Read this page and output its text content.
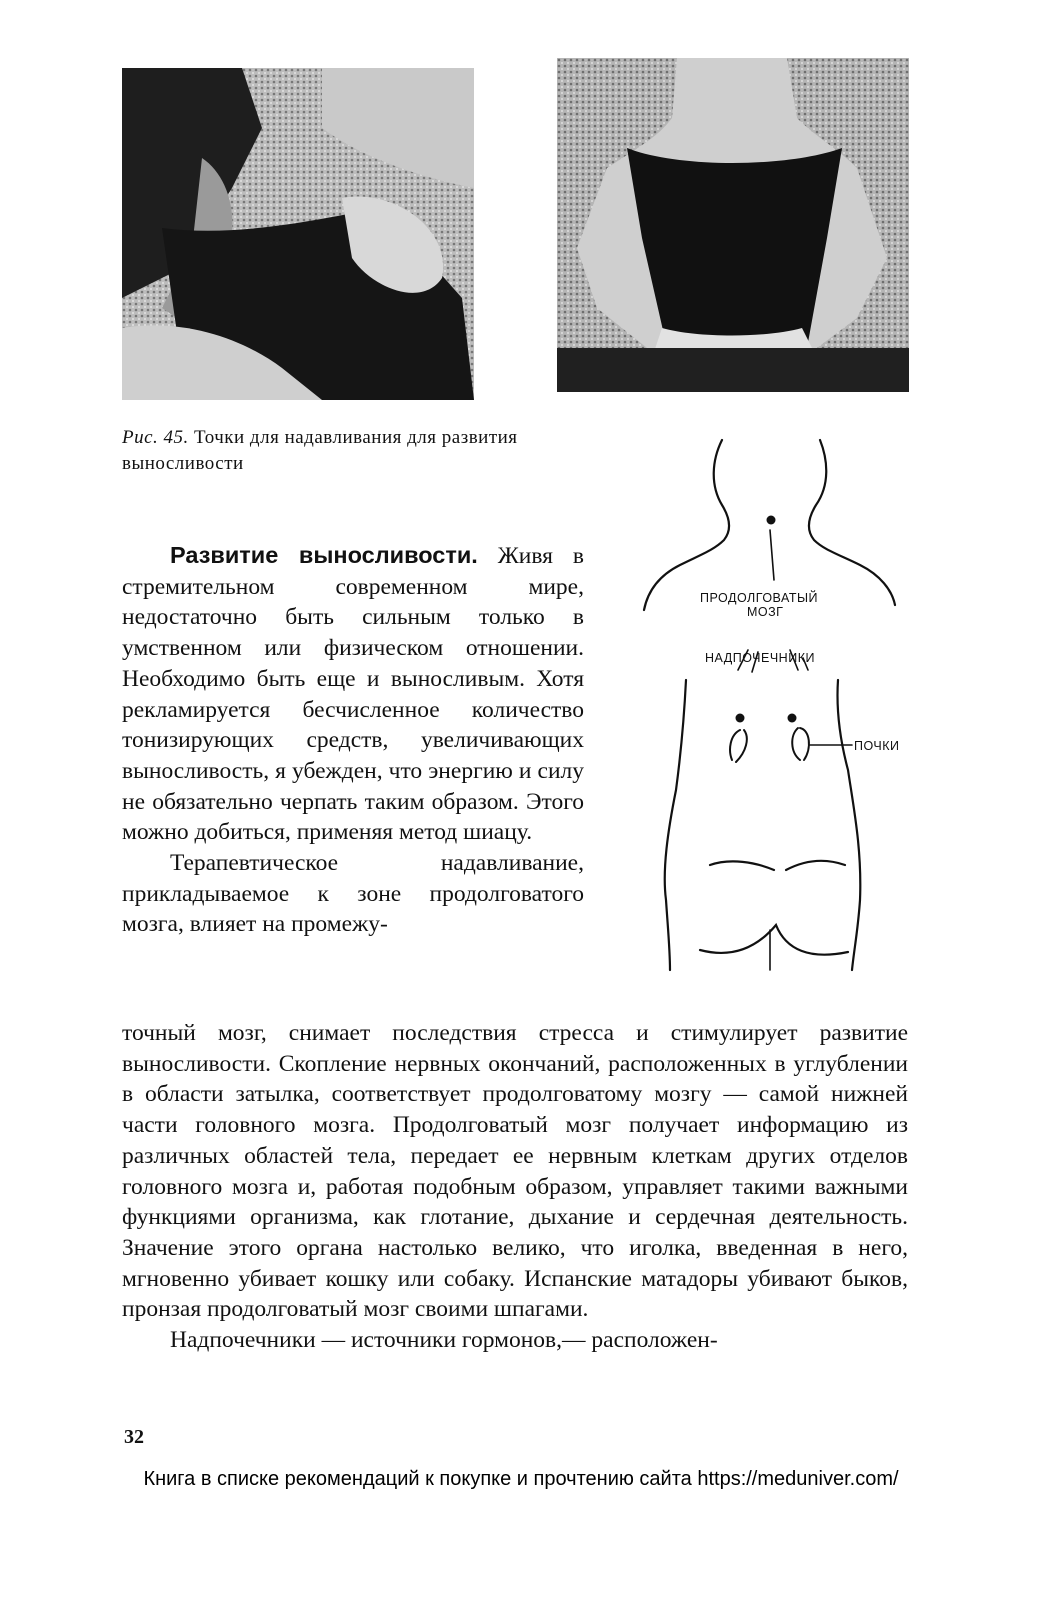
Рис. 45. Точки для надавливания для развития выносливости
ПРОДОЛГОВАТЫЙ
МОЗГ
НАДПОЧЕЧНИКИ
ПОЧКИ

Развитие выносливости. Живя в стремительном современном мире, недостаточно быть сильным только в умственном или физическом отношении. Необходимо быть еще и выносливым. Хотя рекламируется бесчисленное количество тонизирующих средств, увеличивающих выносливость, я убежден, что энергию и силу не обязательно черпать таким образом. Этого можно добиться, применяя метод шиацу.

Терапевтическое надавливание, прикладываемое к зоне продолговатого мозга, влияет на промежу-

точный мозг, снимает последствия стресса и стимулирует развитие выносливости. Скопление нервных окончаний, расположенных в углублении в области затылка, соответствует продолговатому мозгу — самой нижней части головного мозга. Продолговатый мозг получает информацию из различных областей тела, передает ее нервным клеткам других отделов головного мозга и, работая подобным образом, управляет такими важными функциями организма, как глотание, дыхание и сердечная деятельность. Значение этого органа настолько велико, что иголка, введенная в него, мгновенно убивает кошку или собаку. Испанские матадоры убивают быков, пронзая продолговатый мозг своими шпагами.

Надпочечники — источники гормонов,— расположен-

32
Книга в списке рекомендаций к покупке и прочтению сайта https://meduniver.com/
